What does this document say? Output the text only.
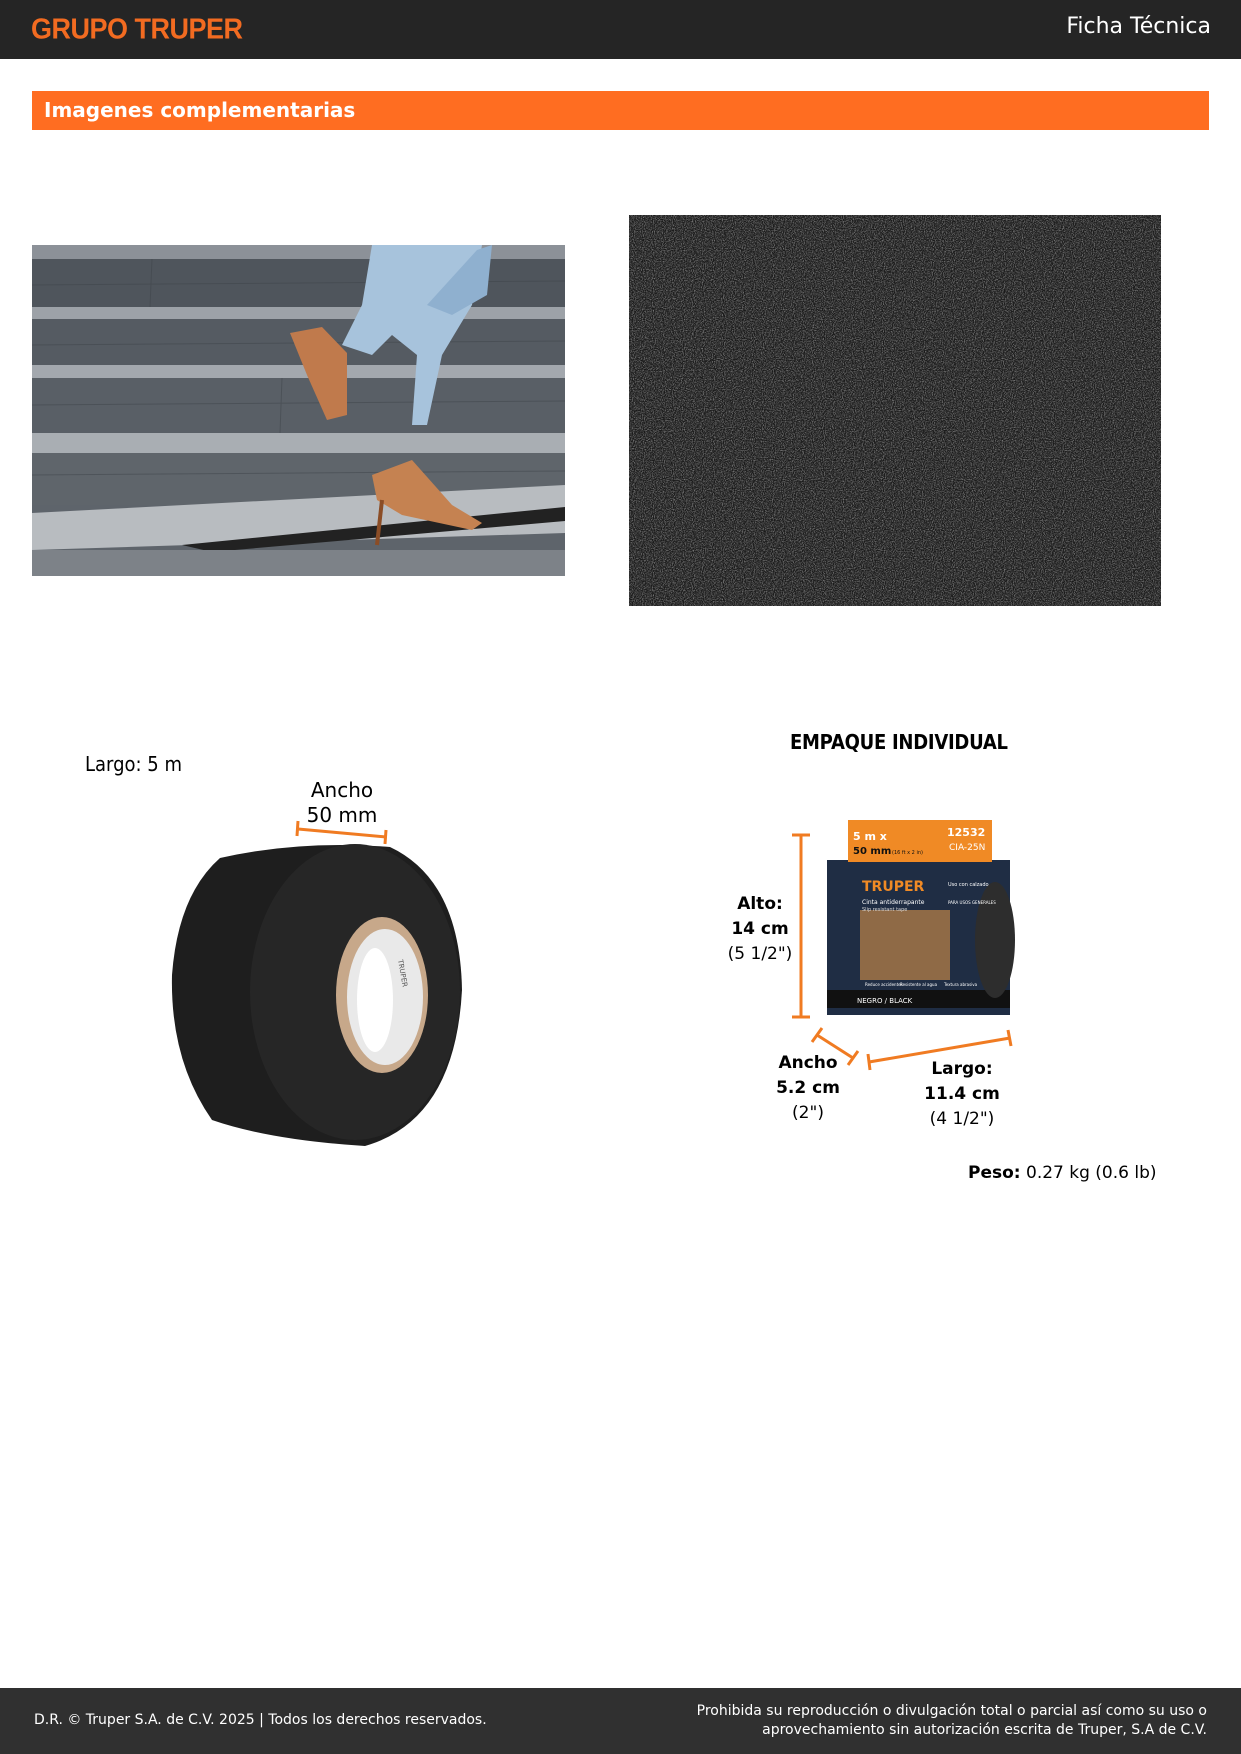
GRUPO TRUPER	Ficha Técnica
Imagenes complementarias
Largo: 5 m
Ancho
50 mm
TRUPER
EMPAQUE INDIVIDUAL
5 m x
50 mm (16 ft x 2 in)
12532
CIA-25N
TRUPER
Cinta antiderrapante
Slip resistant tape
Uso con calzado
PARA USOS GENERALES
NEGRO / BLACK
Reduce accidentes
Resistente al agua Textura abrasiva
Alto:
14 cm
(5 1/2")
Ancho
5.2 cm
(2")
Largo:
11.4 cm
(4 1/2")
Peso: 0.27 kg (0.6 lb)
D.R. © Truper S.A. de C.V. 2025 | Todos los derechos reservados.
Prohibida su reproducción o divulgación total o parcial así como su uso o
aprovechamiento sin autorización escrita de Truper, S.A de C.V.
